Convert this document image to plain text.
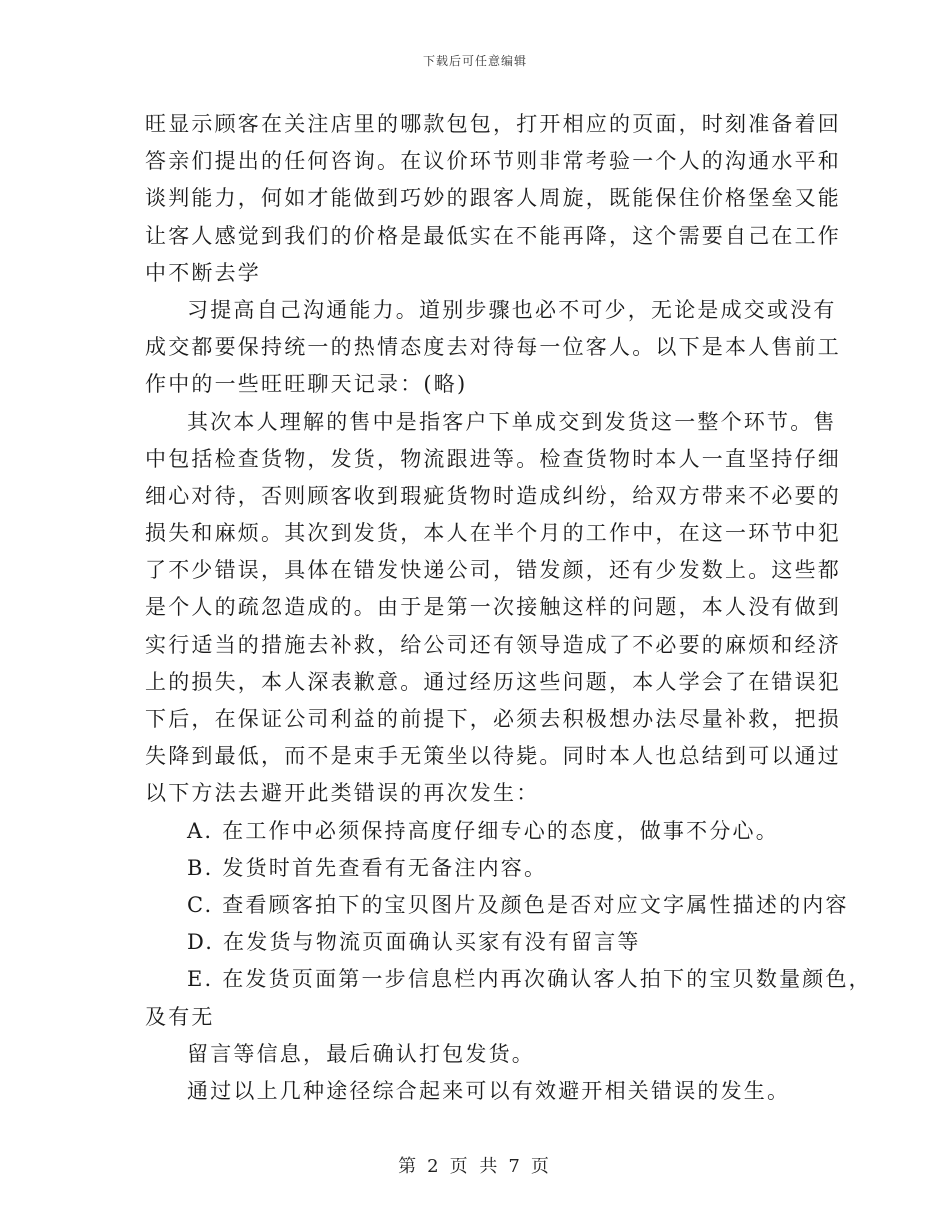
下载后可任意编辑
旺显示顾客在关注店里的哪款包包，打开相应的页面，时刻准备着回
答亲们提出的任何咨询。在议价环节则非常考验一个人的沟通水平和
谈判能力，何如才能做到巧妙的跟客人周旋，既能保住价格堡垒又能
让客人感觉到我们的价格是最低实在不能再降，这个需要自己在工作
中不断去学
习提高自己沟通能力。道别步骤也必不可少，无论是成交或没有
成交都要保持统一的热情态度去对待每一位客人。以下是本人售前工
作中的一些旺旺聊天记录：(略)
其次本人理解的售中是指客户下单成交到发货这一整个环节。售
中包括检查货物，发货，物流跟进等。检查货物时本人一直坚持仔细
细心对待，否则顾客收到瑕疵货物时造成纠纷，给双方带来不必要的
损失和麻烦。其次到发货，本人在半个月的工作中，在这一环节中犯
了不少错误，具体在错发快递公司，错发颜，还有少发数上。这些都
是个人的疏忽造成的。由于是第一次接触这样的问题，本人没有做到
实行适当的措施去补救，给公司还有领导造成了不必要的麻烦和经济
上的损失，本人深表歉意。通过经历这些问题，本人学会了在错误犯
下后，在保证公司利益的前提下，必须去积极想办法尽量补救，把损
失降到最低，而不是束手无策坐以待毙。同时本人也总结到可以通过
以下方法去避开此类错误的再次发生：
A. 在工作中必须保持高度仔细专心的态度，做事不分心。
B. 发货时首先查看有无备注内容。
C. 查看顾客拍下的宝贝图片及颜色是否对应文字属性描述的内容
D. 在发货与物流页面确认买家有没有留言等
E. 在发货页面第一步信息栏内再次确认客人拍下的宝贝数量颜色，
及有无
留言等信息，最后确认打包发货。
通过以上几种途径综合起来可以有效避开相关错误的发生。
第 2 页 共 7 页
